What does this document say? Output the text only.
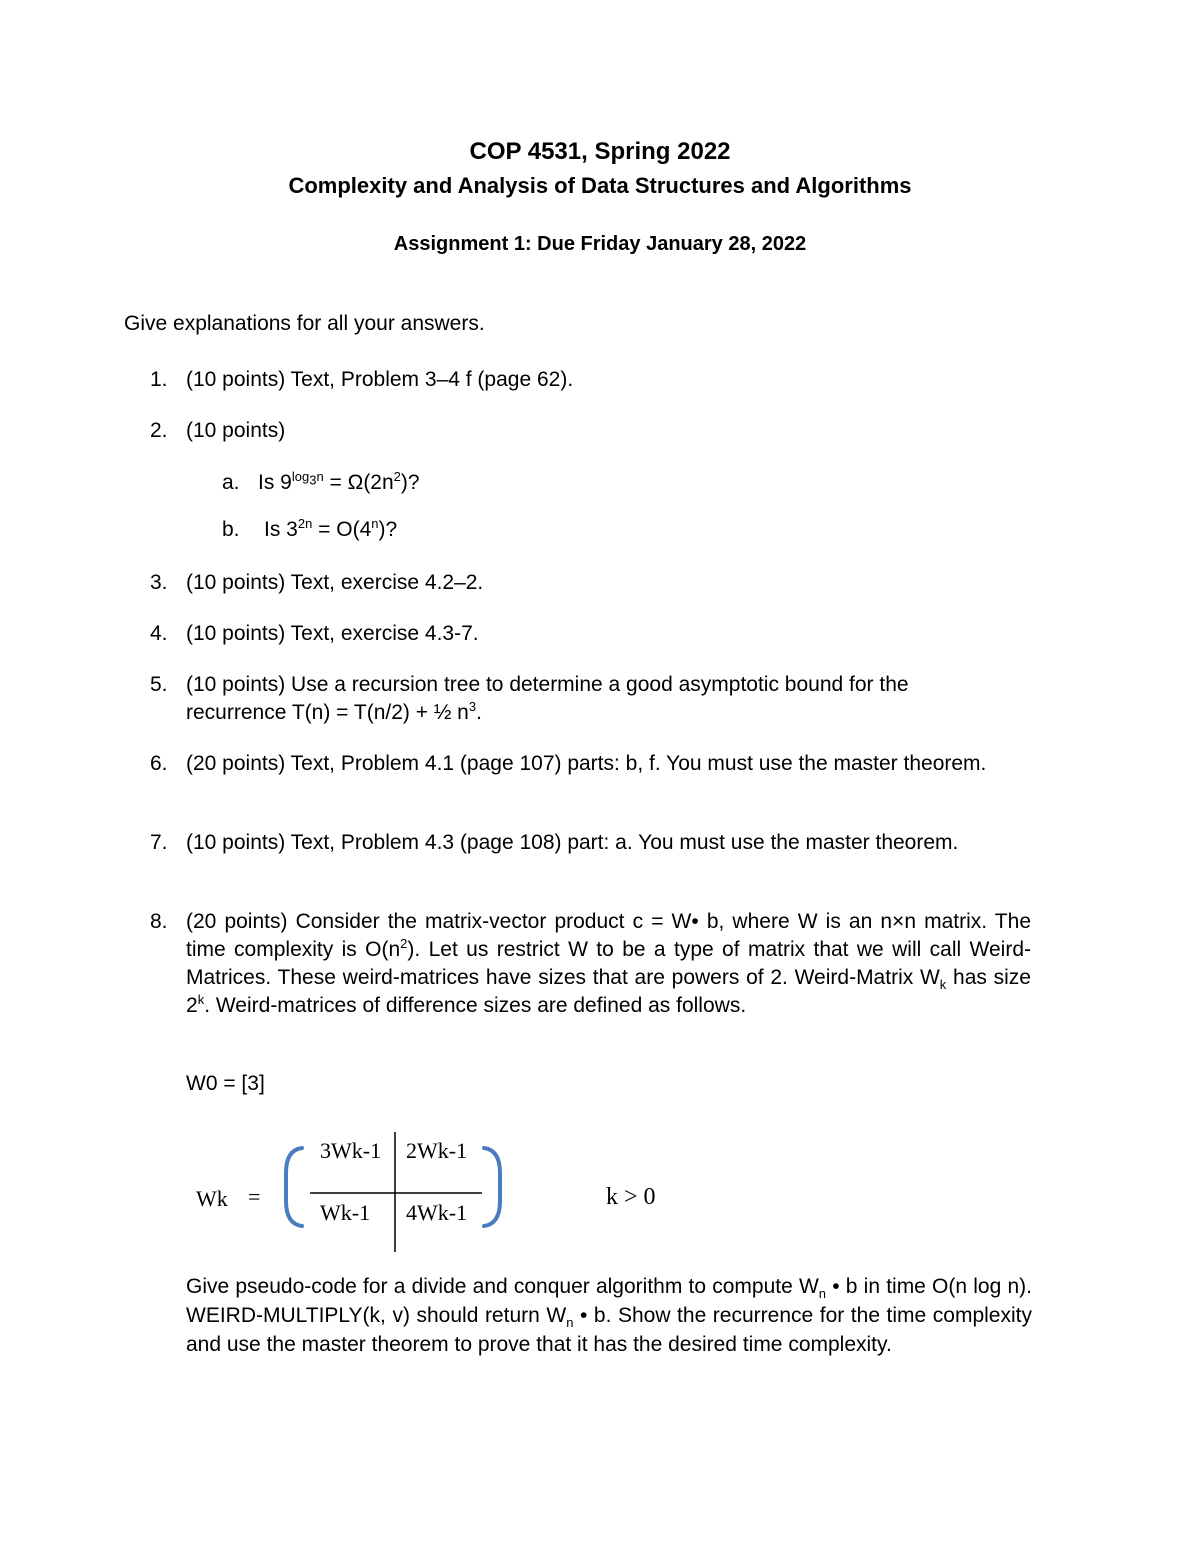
COP 4531, Spring 2022
Complexity and Analysis of Data Structures and Algorithms
Assignment 1: Due Friday January 28, 2022
Give explanations for all your answers.
1. (10 points) Text, Problem 3–4 f (page 62).
2. (10 points)
a. Is $9^{log_3n} = \Omega(2n^2)$?
b. Is $3^{2n} = O(4^n)$?
3. (10 points) Text, exercise 4.2–2.
4. (10 points) Text, exercise 4.3-7.
5. (10 points) Use a recursion tree to determine a good asymptotic bound for the recurrence T(n) = T(n/2) + ½ $n^3$.
6. (20 points) Text, Problem 4.1 (page 107) parts: b, f. You must use the master theorem.
7. (10 points) Text, Problem 4.3 (page 108) part: a. You must use the master theorem.
8. (20 points) Consider the matrix-vector product c = W• b, where W is an n×n matrix. The time complexity is $O(n^2)$. Let us restrict W to be a type of matrix that we will call Weird-Matrices. These weird-matrices have sizes that are powers of 2. Weird-Matrix $W_k$ has size 2$^k$. Weird-matrices of difference sizes are defined as follows.
W0 = [3]
Wk =
3Wk-1 2Wk-1
Wk-1 4Wk-1
k > 0
Give pseudo-code for a divide and conquer algorithm to compute $W_n$ • b in time O(n log n). WEIRD-MULTIPLY(k, v) should return $W_n$ • b. Show the recurrence for the time complexity and use the master theorem to prove that it has the desired time complexity.
